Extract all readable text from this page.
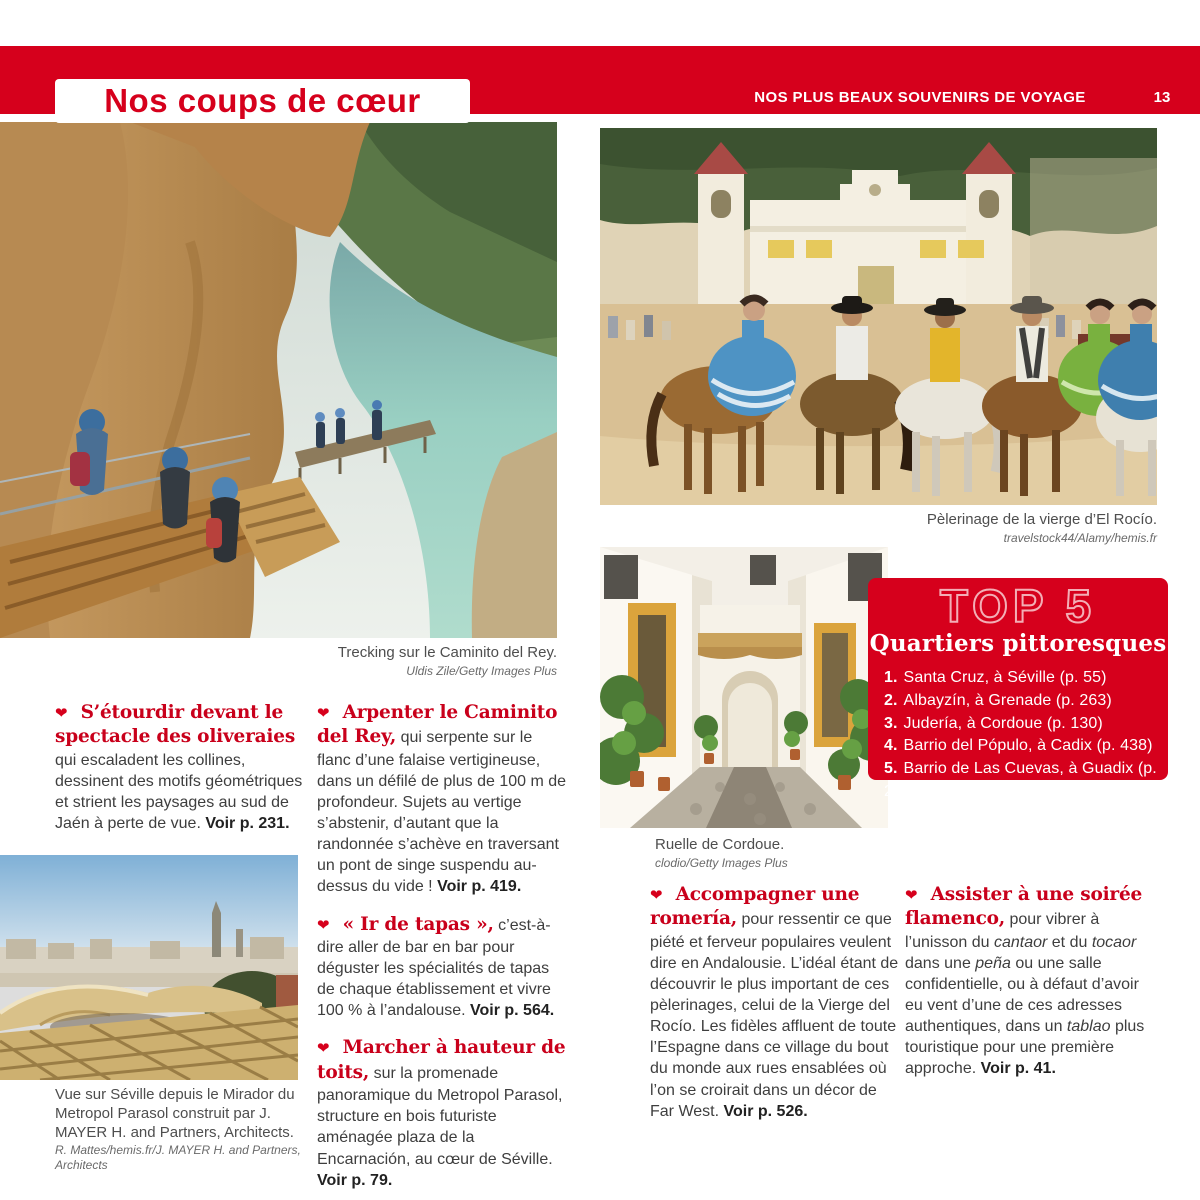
Nos coups de cœur	NOS PLUS BEAUX SOUVENIRS DE VOYAGE	13
Trecking sur le Caminito del Rey.
Uldis Zile/Getty Images Plus
Pèlerinage de la vierge d’El Rocío.
travelstock44/Alamy/hemis.fr
Ruelle de Cordoue.
clodio/Getty Images Plus
TOP 5
Quartiers pittoresques
1. Santa Cruz, à Séville (p. 55)
2. Albayzín, à Grenade (p. 263)
3. Judería, à Cordoue (p. 130)
4. Barrio del Pópulo, à Cadix (p. 438)
5. Barrio de Las Cuevas, à Guadix (p. 292)
Vue sur Séville depuis le Mirador du Metropol Parasol construit par J. MAYER H. and Partners, Architects.
R. Mattes/hemis.fr/J. MAYER H. and Partners, Architects

❤ S’étourdir devant le spectacle des oliveraies qui escaladent les collines, dessinent des motifs géométriques et strient les paysages au sud de Jaén à perte de vue. Voir p. 231.

❤ Arpenter le Caminito del Rey, qui serpente sur le flanc d’une falaise vertigineuse, dans un défilé de plus de 100 m de profondeur. Sujets au vertige s’abstenir, d’autant que la randonnée s’achève en traversant un pont de singe suspendu au-dessus du vide ! Voir p. 419.

❤ « Ir de tapas », c’est-à-dire aller de bar en bar pour déguster les spécialités de tapas de chaque établissement et vivre 100 % à l’andalouse. Voir p. 564.

❤ Marcher à hauteur de toits, sur la promenade panoramique du Metropol Parasol, structure en bois futuriste aménagée plaza de la Encarnación, au cœur de Séville. Voir p. 79.

❤ Accompagner une romería, pour ressentir ce que piété et ferveur populaires veulent dire en Andalousie. L’idéal étant de découvrir le plus important de ces pèlerinages, celui de la Vierge del Rocío. Les fidèles affluent de toute l’Espagne dans ce village du bout du monde aux rues ensablées où l’on se croirait dans un décor de Far West. Voir p. 526.

❤ Assister à une soirée flamenco, pour vibrer à l’unisson du cantaor et du tocaor dans une peña ou une salle confidentielle, ou à défaut d’avoir eu vent d’une de ces adresses authentiques, dans un tablao plus touristique pour une première approche. Voir p. 41.
